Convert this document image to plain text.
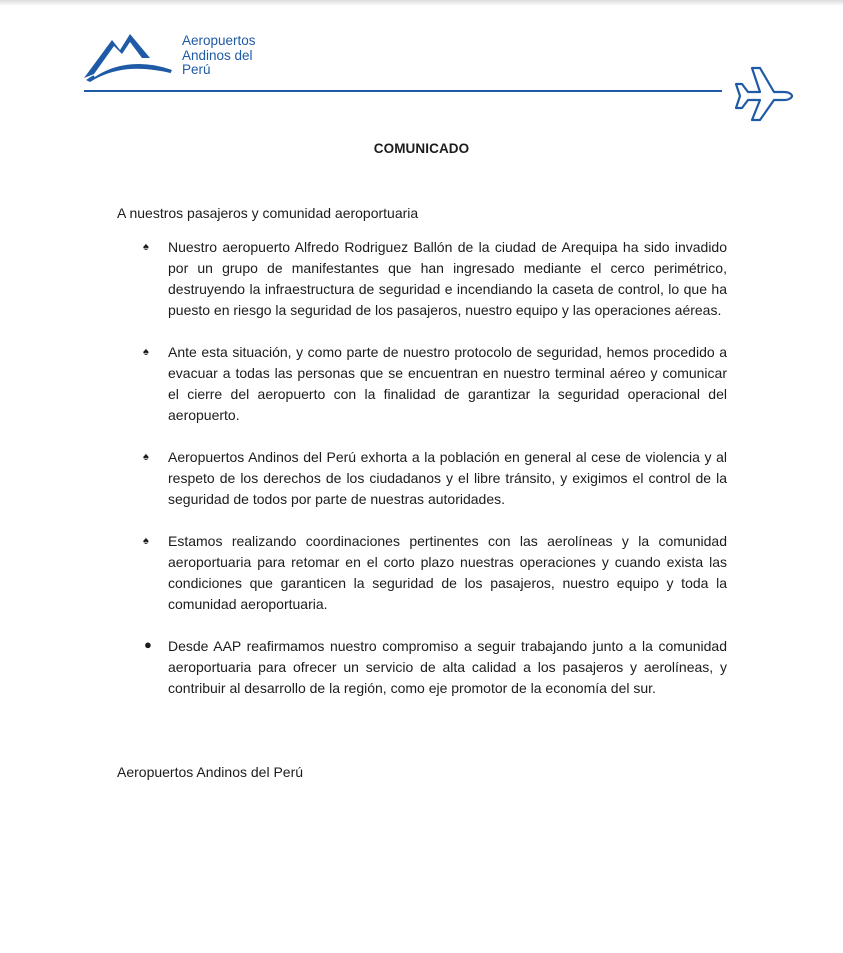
Aeropuertos
Andinos del
Perú
COMUNICADO
A nuestros pasajeros y comunidad aeroportuaria
♠ Nuestro aeropuerto Alfredo Rodriguez Ballón de la ciudad de Arequipa ha sido invadido por un grupo de manifestantes que han ingresado mediante el cerco perimétrico, destruyendo la infraestructura de seguridad e incendiando la caseta de control, lo que ha puesto en riesgo la seguridad de los pasajeros, nuestro equipo y las operaciones aéreas.
♠ Ante esta situación, y como parte de nuestro protocolo de seguridad, hemos procedido a evacuar a todas las personas que se encuentran en nuestro terminal aéreo y comunicar el cierre del aeropuerto con la finalidad de garantizar la seguridad operacional del aeropuerto.
♠ Aeropuertos Andinos del Perú exhorta a la población en general al cese de violencia y al respeto de los derechos de los ciudadanos y el libre tránsito, y exigimos el control de la seguridad de todos por parte de nuestras autoridades.
♠ Estamos realizando coordinaciones pertinentes con las aerolíneas y la comunidad aeroportuaria para retomar en el corto plazo nuestras operaciones y cuando exista las condiciones que garanticen la seguridad de los pasajeros, nuestro equipo y toda la comunidad aeroportuaria.
● Desde AAP reafirmamos nuestro compromiso a seguir trabajando junto a la comunidad aeroportuaria para ofrecer un servicio de alta calidad a los pasajeros y aerolíneas, y contribuir al desarrollo de la región, como eje promotor de la economía del sur.
Aeropuertos Andinos del Perú
